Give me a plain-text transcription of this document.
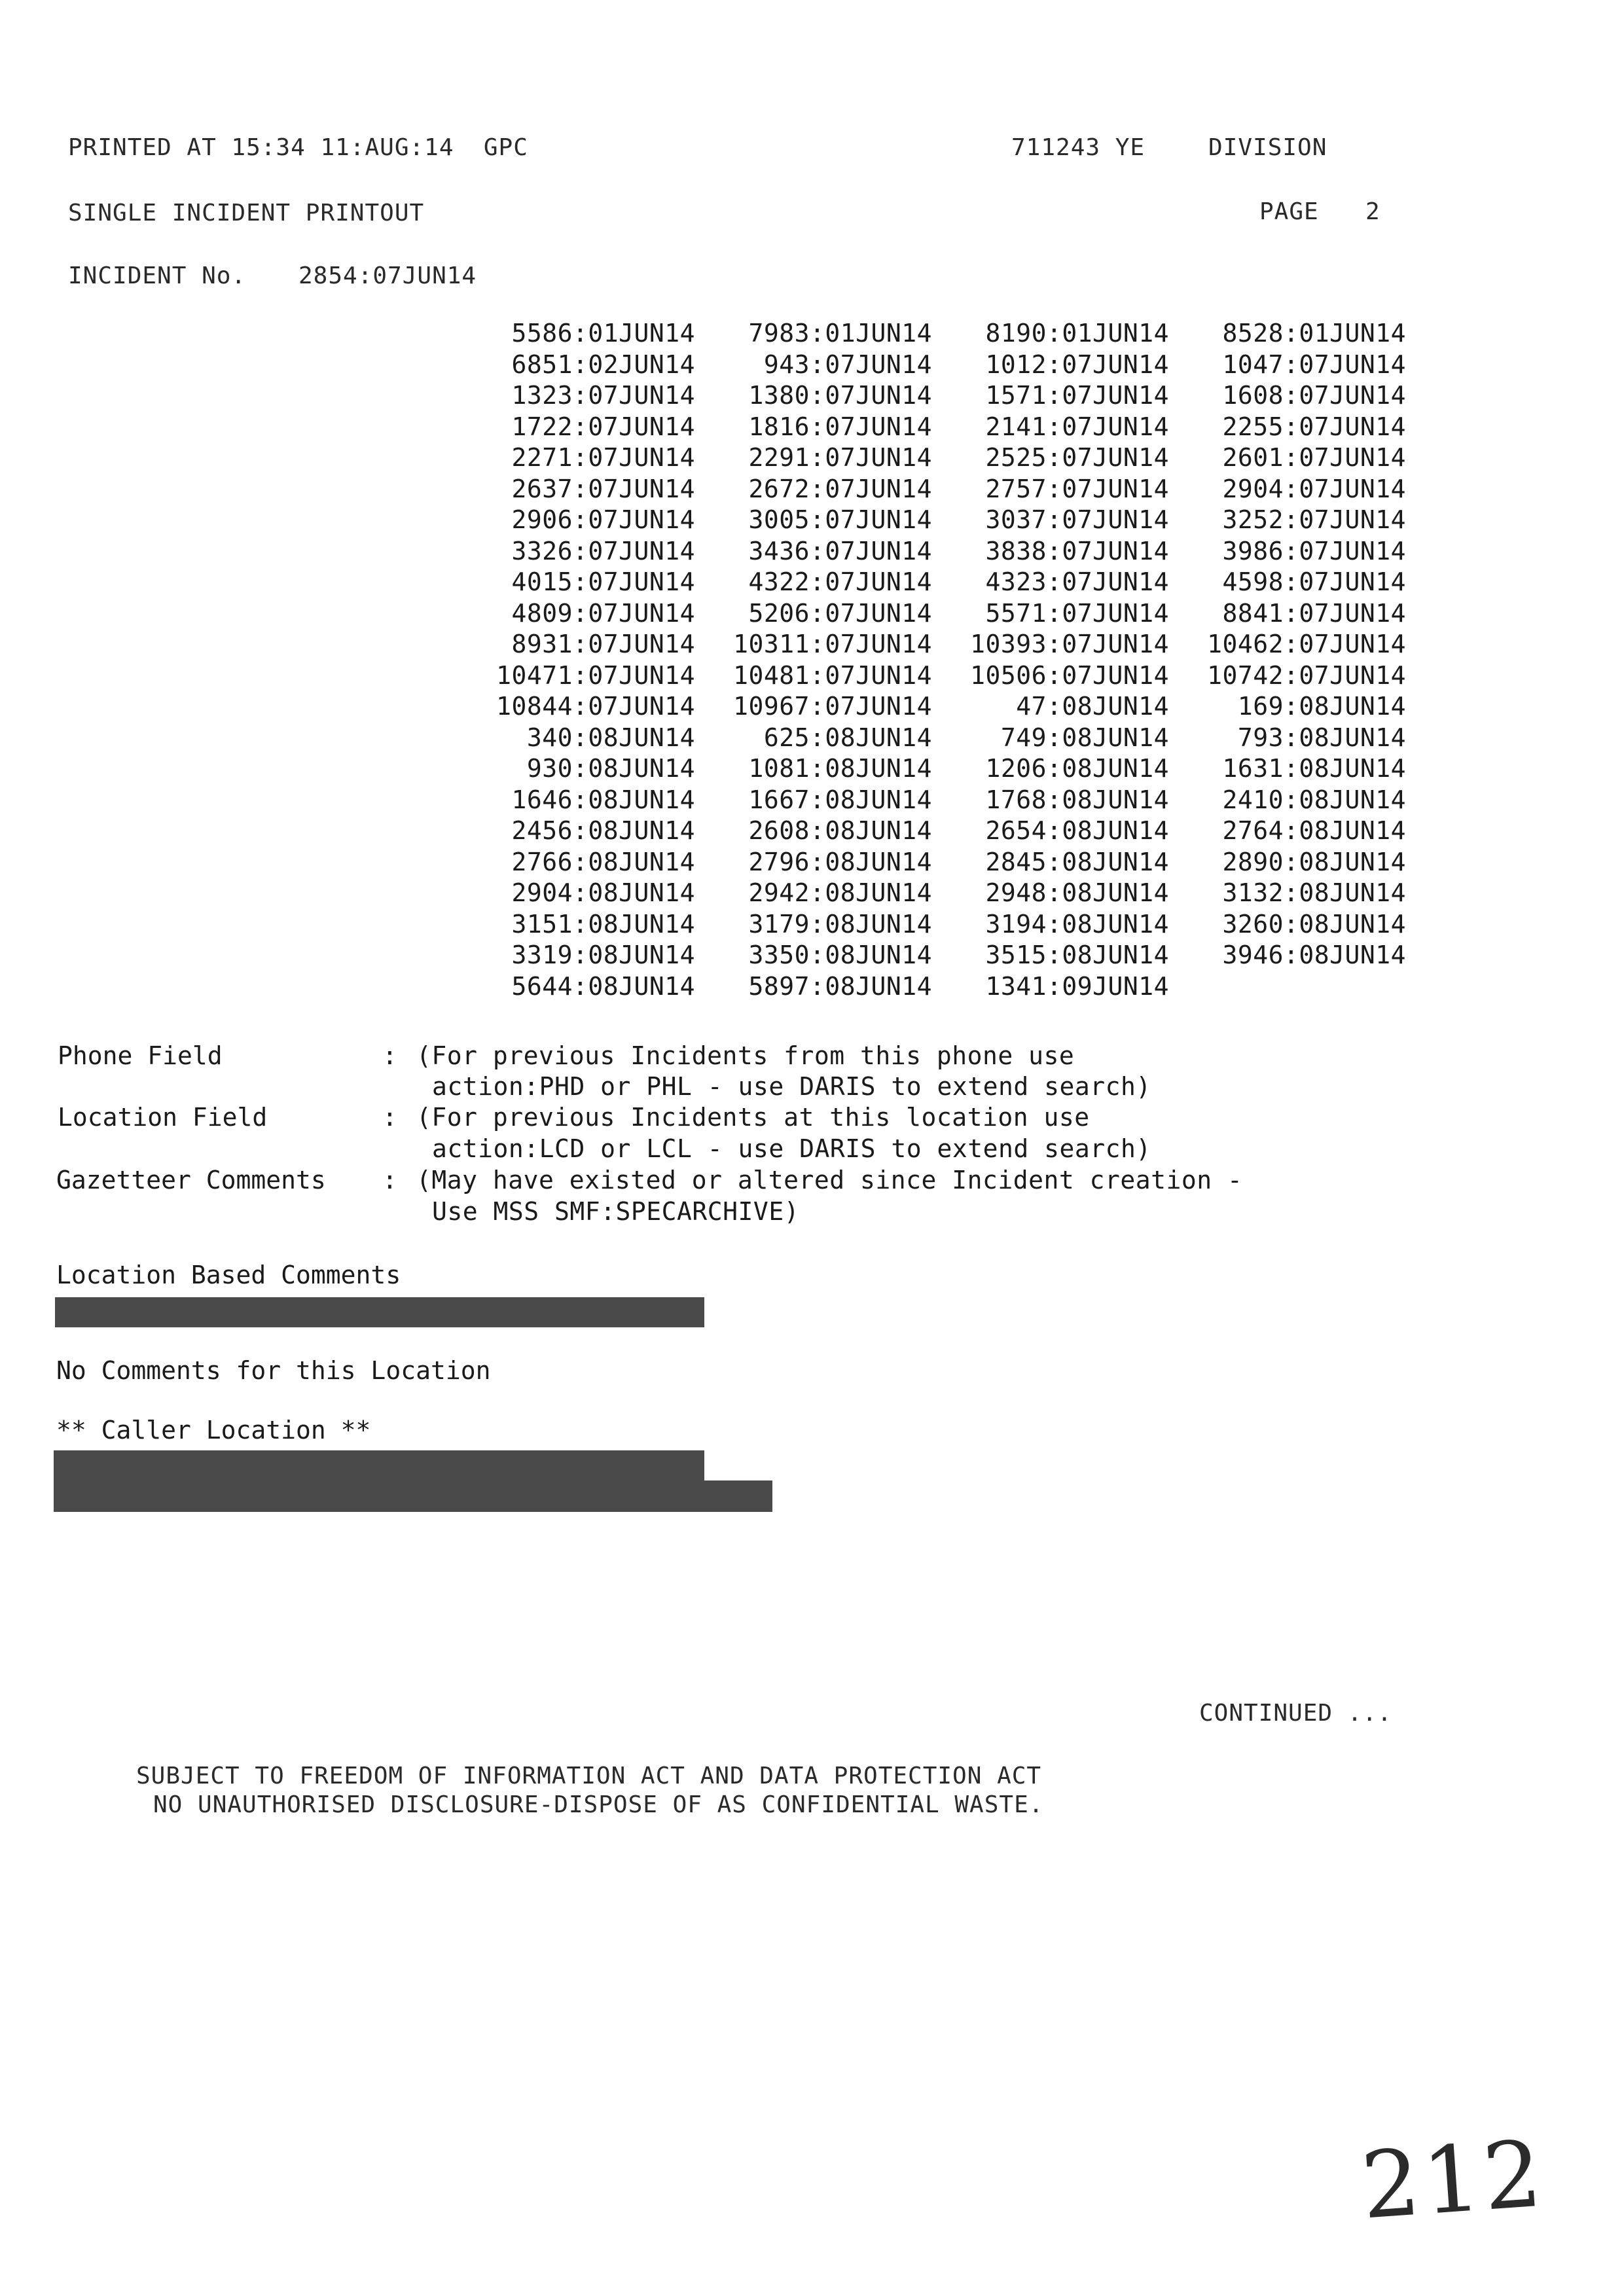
PRINTED AT 15:34 11:AUG:14  GPC	711243 YE	DIVISION
SINGLE INCIDENT PRINTOUT	PAGE 2
INCIDENT No. 2854:07JUN14
5586:01JUN14	7983:01JUN14	8190:01JUN14	8528:01JUN14
6851:02JUN14	943:07JUN14	1012:07JUN14	1047:07JUN14
1323:07JUN14	1380:07JUN14	1571:07JUN14	1608:07JUN14
1722:07JUN14	1816:07JUN14	2141:07JUN14	2255:07JUN14
2271:07JUN14	2291:07JUN14	2525:07JUN14	2601:07JUN14
2637:07JUN14	2672:07JUN14	2757:07JUN14	2904:07JUN14
2906:07JUN14	3005:07JUN14	3037:07JUN14	3252:07JUN14
3326:07JUN14	3436:07JUN14	3838:07JUN14	3986:07JUN14
4015:07JUN14	4322:07JUN14	4323:07JUN14	4598:07JUN14
4809:07JUN14	5206:07JUN14	5571:07JUN14	8841:07JUN14
8931:07JUN14	10311:07JUN14	10393:07JUN14	10462:07JUN14
10471:07JUN14	10481:07JUN14	10506:07JUN14	10742:07JUN14
10844:07JUN14	10967:07JUN14	47:08JUN14	169:08JUN14
340:08JUN14	625:08JUN14	749:08JUN14	793:08JUN14
930:08JUN14	1081:08JUN14	1206:08JUN14	1631:08JUN14
1646:08JUN14	1667:08JUN14	1768:08JUN14	2410:08JUN14
2456:08JUN14	2608:08JUN14	2654:08JUN14	2764:08JUN14
2766:08JUN14	2796:08JUN14	2845:08JUN14	2890:08JUN14
2904:08JUN14	2942:08JUN14	2948:08JUN14	3132:08JUN14
3151:08JUN14	3179:08JUN14	3194:08JUN14	3260:08JUN14
3319:08JUN14	3350:08JUN14	3515:08JUN14	3946:08JUN14
5644:08JUN14	5897:08JUN14	1341:09JUN14
Phone Field	: (For previous Incidents from this phone use
action:PHD or PHL - use DARIS to extend search)
Location Field	: (For previous Incidents at this location use
action:LCD or LCL - use DARIS to extend search)
Gazetteer Comments : (May have existed or altered since Incident creation -
Use MSS SMF:SPECARCHIVE)
Location Based Comments
No Comments for this Location
** Caller Location **
CONTINUED ...
SUBJECT TO FREEDOM OF INFORMATION ACT AND DATA PROTECTION ACT
NO UNAUTHORISED DISCLOSURE-DISPOSE OF AS CONFIDENTIAL WASTE.
212
